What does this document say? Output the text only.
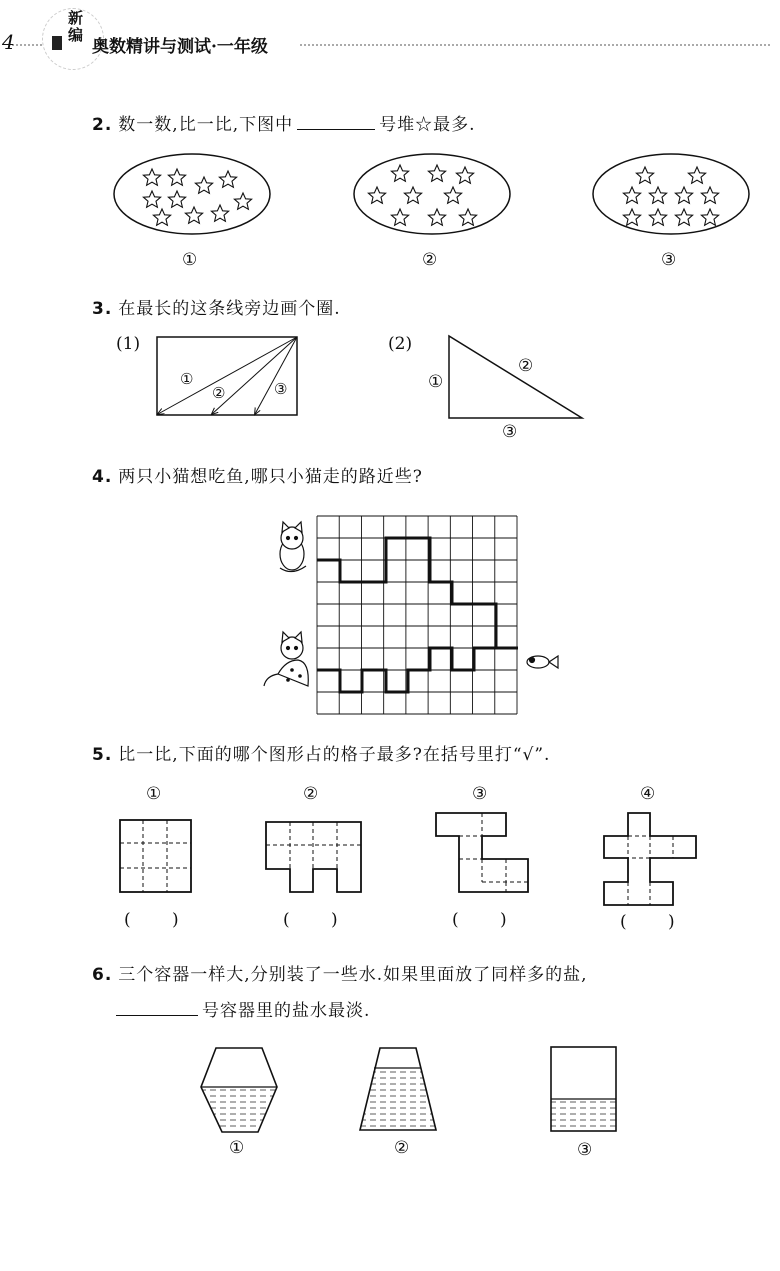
4
新编
奥数精讲与测试·一年级
2. 数一数,比一比,下图中	号堆☆最多.
①	②	③
3. 在最长的这条线旁边画个圈.
(1)	(2)
①
②	③	①
②
③
4. 两只小猫想吃鱼,哪只小猫走的路近些?
5. 比一比,下面的哪个图形占的格子最多?在括号里打“√”.
①	②	③	④
( )	( )	( )	( )
6. 三个容器一样大,分别装了一些水.如果里面放了同样多的盐,
号容器里的盐水最淡.
①	②	③
